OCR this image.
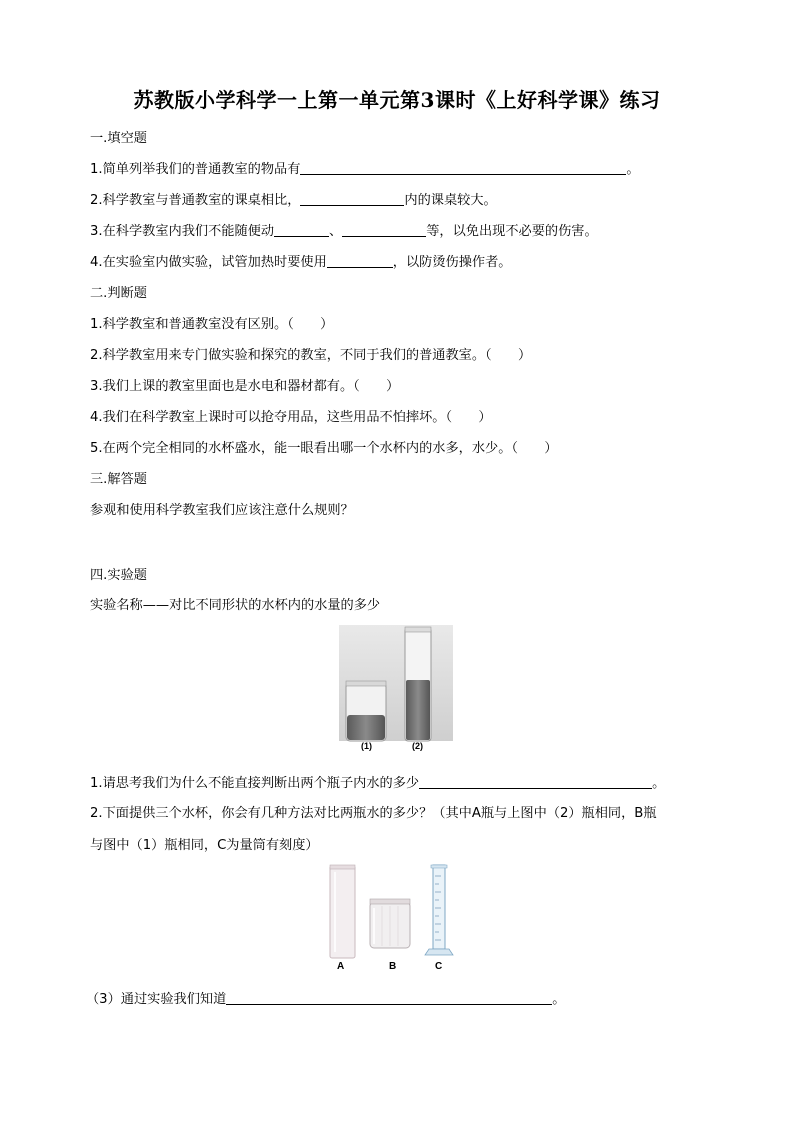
苏教版小学科学一上第一单元第3课时《上好科学课》练习
一.填空题
1.简单列举我们的普通教室的物品有	。
2.科学教室与普通教室的课桌相比，	内的课桌较大。
3.在科学教室内我们不能随便动	、	等，以免出现不必要的伤害。
4.在实验室内做实验，试管加热时要使用	，以防烫伤操作者。
二.判断题
1.科学教室和普通教室没有区别。（　　）
2.科学教室用来专门做实验和探究的教室，不同于我们的普通教室。（　　）
3.我们上课的教室里面也是水电和器材都有。（　　）
4.我们在科学教室上课时可以抢夺用品，这些用品不怕摔坏。（　　）
5.在两个完全相同的水杯盛水，能一眼看出哪一个水杯内的水多，水少。（　　）
三.解答题
参观和使用科学教室我们应该注意什么规则？
四.实验题
实验名称——对比不同形状的水杯内的水量的多少
(1)	(2)
1.请思考我们为什么不能直接判断出两个瓶子内水的多少	。
2.下面提供三个水杯，你会有几种方法对比两瓶水的多少？（其中A瓶与上图中（2）瓶相同，B瓶
与图中（1）瓶相同，C为量筒有刻度）
A	B	C
（3）通过实验我们知道	。
